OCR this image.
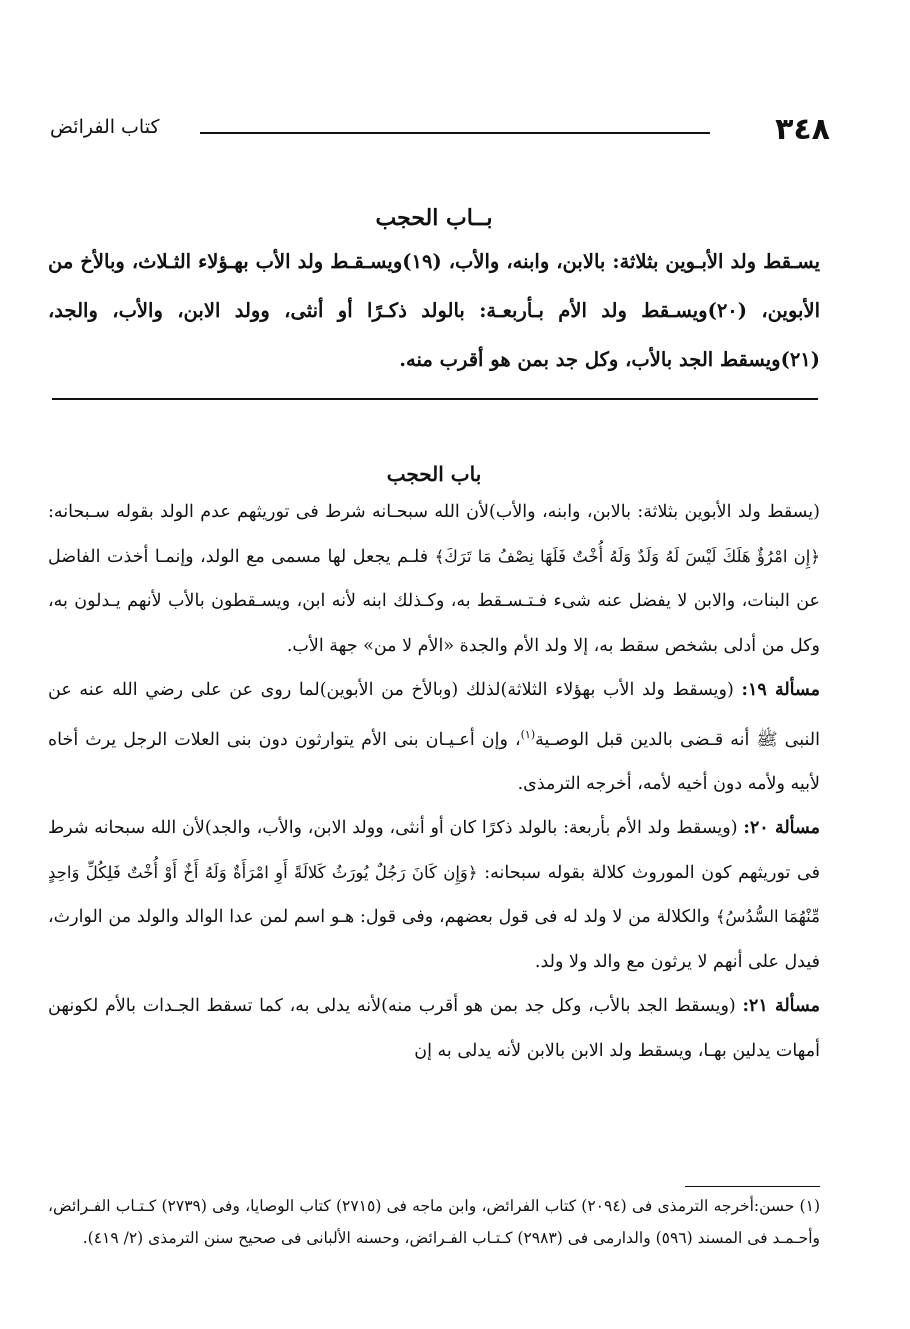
٣٤٨
كتاب الفرائض
بــاب الحجب

يسـقط ولد الأبـوين بثلاثة: بالابن، وابنه، والأب، (١٩)ويسـقـط ولد الأب بهـؤلاء الثـلاث، وبالأخ من الأبوين، (٢٠)ويسـقط ولد الأم بـأربعـة: بالولد ذكـرًا أو أنثى، وولد الابن، والأب، والجد، (٢١)ويسقط الجد بالأب، وكل جد بمن هو أقرب منه.

باب الحجب

(يسقط ولد الأبوين بثلاثة: بالابن، وابنه، والأب)لأن الله سبحـانه شرط فى توريثهم عدم الولد بقوله سـبحانه: ﴿إِن امْرُؤٌ هَلَكَ لَيْسَ لَهُ وَلَدٌ وَلَهُ أُخْتٌ فَلَهَا نِصْفُ مَا تَرَكَ﴾ فلـم يجعل لها مسمى مع الولد، وإنمـا أخذت الفاضل عن البنات، والابن لا يفضل عنه شىء فـتـسـقط به، وكـذلك ابنه لأنه ابن، ويسـقطون بالأب لأنهم يـدلون به، وكل من أدلى بشخص سقط به، إلا ولد الأم والجدة «الأم لا من» جهة الأب.

مسألة ١٩: (ويسقط ولد الأب بهؤلاء الثلاثة)لذلك (وبالأخ من الأبوين)لما روى عن على رضي الله عنه عن النبى ﷺ أنه قـضى بالدين قبل الوصـية$^{(١)}$، وإن أعـيـان بنى الأم يتوارثون دون بنى العلات الرجل يرث أخاه لأبيه ولأمه دون أخيه لأمه، أخرجه الترمذى.

مسألة ٢٠: (ويسقط ولد الأم بأربعة: بالولد ذكرًا كان أو أنثى، وولد الابن، والأب، والجد)لأن الله سبحانه شرط فى توريثهم كون الموروث كلالة بقوله سبحانه: ﴿وَإِن كَانَ رَجُلٌ يُورَثُ كَلالَةً أَوِ امْرَأَةٌ وَلَهُ أَخٌ أَوْ أُخْتٌ فَلِكُلِّ وَاحِدٍ مِّنْهُمَا السُّدُسُ﴾ والكلالة من لا ولد له فى قول بعضهم، وفى قول: هـو اسم لمن عدا الوالد والولد من الوارث، فيدل على أنهم لا يرثون مع والد ولا ولد.

مسألة ٢١: (ويسقط الجد بالأب، وكل جد بمن هو أقرب منه)لأنه يدلى به، كما تسقط الجـدات بالأم لكونهن أمهات يدلين بهـا، ويسقط ولد الابن بالابن لأنه يدلى به إن

(١) حسن:أخرجه الترمذى فى (٢٠٩٤) كتاب الفرائض، وابن ماجه فى (٢٧١٥) كتاب الوصايا، وفى (٢٧٣٩) كـتـاب الفـرائض، وأحـمـد فى المسند (٥٩٦) والدارمى فى (٢٩٨٣) كـتـاب الفـرائض، وحسنه الألبانى فى صحيح سنن الترمذى (٢/ ٤١٩).
